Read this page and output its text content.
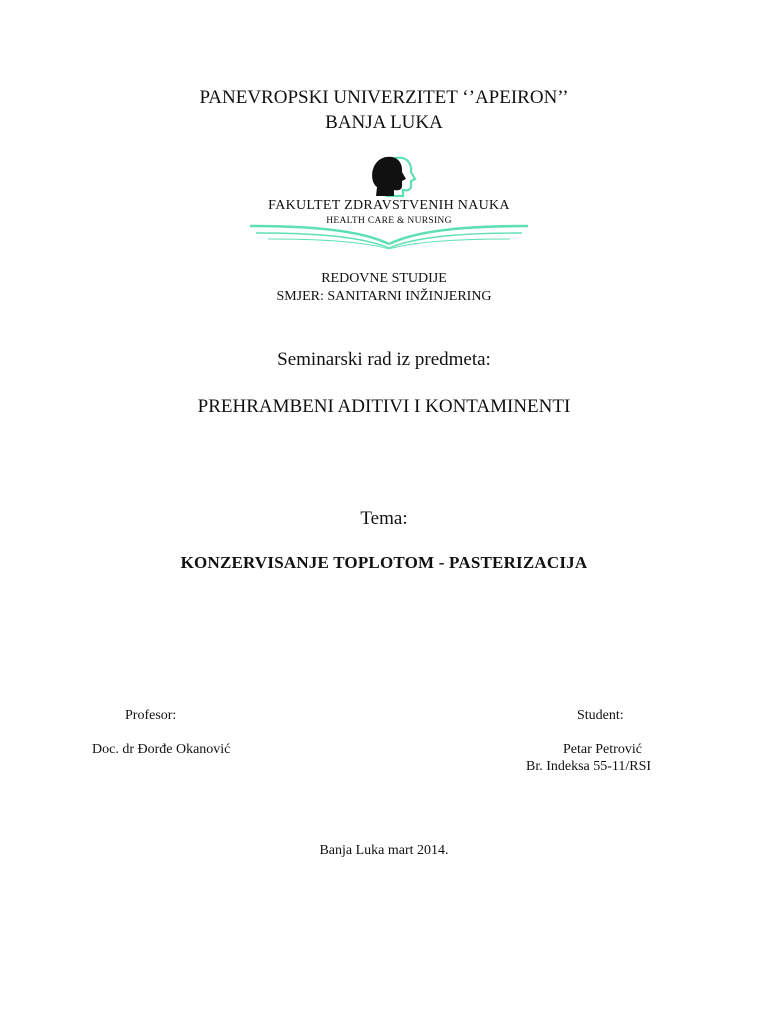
PANEVROPSKI UNIVERZITET ‘’APEIRON’’
BANJA LUKA
FAKULTET ZDRAVSTVENIH NAUKA
HEALTH CARE & NURSING
REDOVNE STUDIJE
SMJER: SANITARNI INŽINJERING
Seminarski rad iz predmeta:
PREHRAMBENI ADITIVI I KONTAMINENTI
Tema:
KONZERVISANJE TOPLOTOM - PASTERIZACIJA
Profesor:
Doc. dr Đorđe Okanović
Student:
Petar Petrović
Br. Indeksa 55-11/RSI
Banja Luka mart 2014.
